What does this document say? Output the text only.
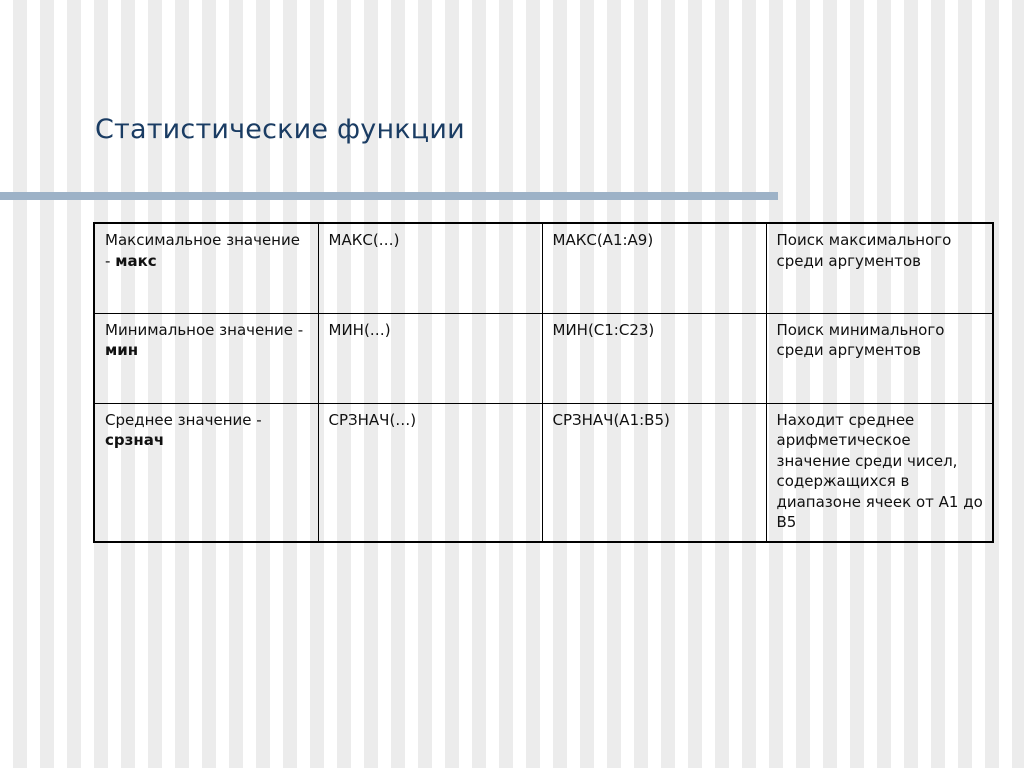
Статистические функции
Максимальное значение - макс	МАКС(…)	МАКС(А1:А9)	Поиск максимального среди аргументов
Минимальное значение - мин	МИН(…)	МИН(С1:С23)	Поиск минимального среди аргументов
Среднее значение - срзнач	СРЗНАЧ(…)	СРЗНАЧ(А1:В5)	Находит среднее арифметическое значение среди чисел, содержащихся в диапазоне ячеек от А1 до В5
